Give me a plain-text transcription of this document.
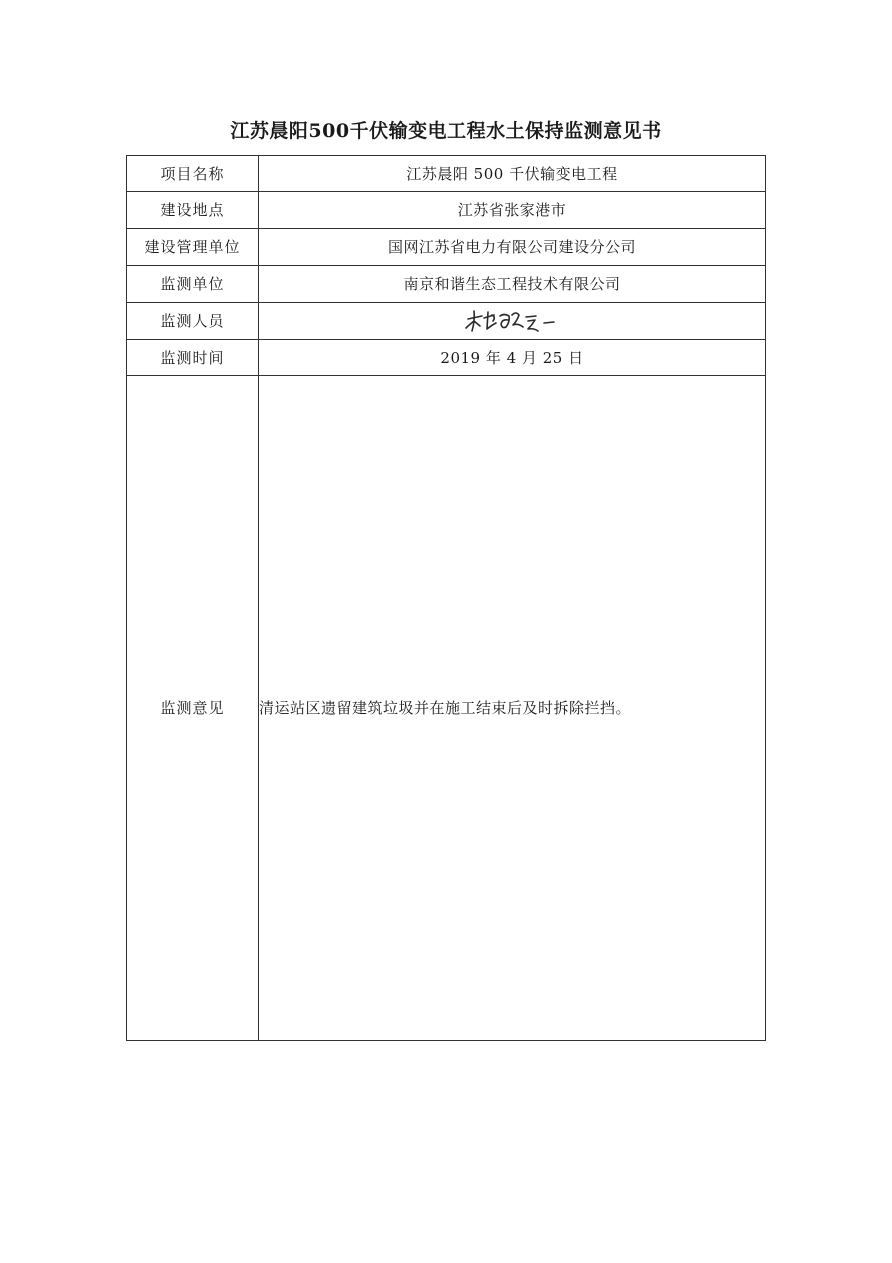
江苏晨阳500千伏输变电工程水土保持监测意见书
项目名称	江苏晨阳 500 千伏输变电工程
建设地点	江苏省张家港市
建设管理单位	国网江苏省电力有限公司建设分公司
监测单位	南京和谐生态工程技术有限公司
监测人员	
监测时间	2019 年 4 月 25 日
监测意见	清运站区遗留建筑垃圾并在施工结束后及时拆除拦挡。
